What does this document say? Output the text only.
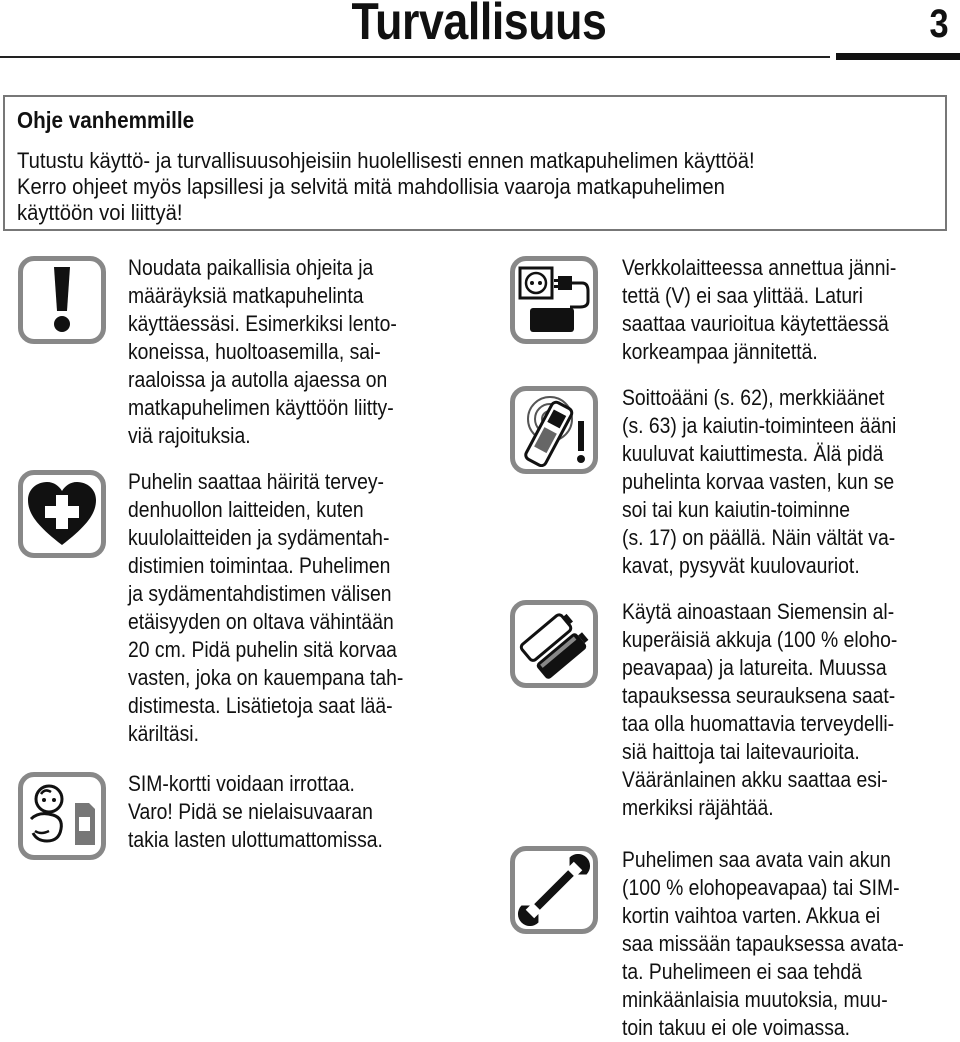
Turvallisuus	3
Ohje vanhemmille
Tutustu käyttö- ja turvallisuusohjeisiin huolellisesti ennen matkapuhelimen käyttöä!
Kerro ohjeet myös lapsillesi ja selvitä mitä mahdollisia vaaroja matkapuhelimen
käyttöön voi liittyä!
Noudata paikallisia ohjeita ja
määräyksiä matkapuhelinta
käyttäessäsi. Esimerkiksi lento-
koneissa, huoltoasemilla, sai-
raaloissa ja autolla ajaessa on
matkapuhelimen käyttöön liitty-
viä rajoituksia.
Puhelin saattaa häiritä tervey-
denhuollon laitteiden, kuten
kuulolaitteiden ja sydämentah-
distimien toimintaa. Puhelimen
ja sydämentahdistimen välisen
etäisyyden on oltava vähintään
20 cm. Pidä puhelin sitä korvaa
vasten, joka on kauempana tah-
distimesta. Lisätietoja saat lää-
käriltäsi.
SIM-kortti voidaan irrottaa.
Varo! Pidä se nielaisuvaaran
takia lasten ulottumattomissa.
Verkkolaitteessa annettua jänni-
tettä (V) ei saa ylittää. Laturi
saattaa vaurioitua käytettäessä
korkeampaa jännitettä.
Soittoääni (s. 62), merkkiäänet
(s. 63) ja kaiutin-toiminteen ääni
kuuluvat kaiuttimesta. Älä pidä
puhelinta korvaa vasten, kun se
soi tai kun kaiutin-toiminne
(s. 17) on päällä. Näin vältät va-
kavat, pysyvät kuulovauriot.
Käytä ainoastaan Siemensin al-
kuperäisiä akkuja (100 % eloho-
peavapaa) ja latureita. Muussa
tapauksessa seurauksena saat-
taa olla huomattavia terveydelli-
siä haittoja tai laitevaurioita.
Vääränlainen akku saattaa esi-
merkiksi räjähtää.
Puhelimen saa avata vain akun
(100 % elohopeavapaa) tai SIM-
kortin vaihtoa varten. Akkua ei
saa missään tapauksessa avata-
ta. Puhelimeen ei saa tehdä
minkäänlaisia muutoksia, muu-
toin takuu ei ole voimassa.
